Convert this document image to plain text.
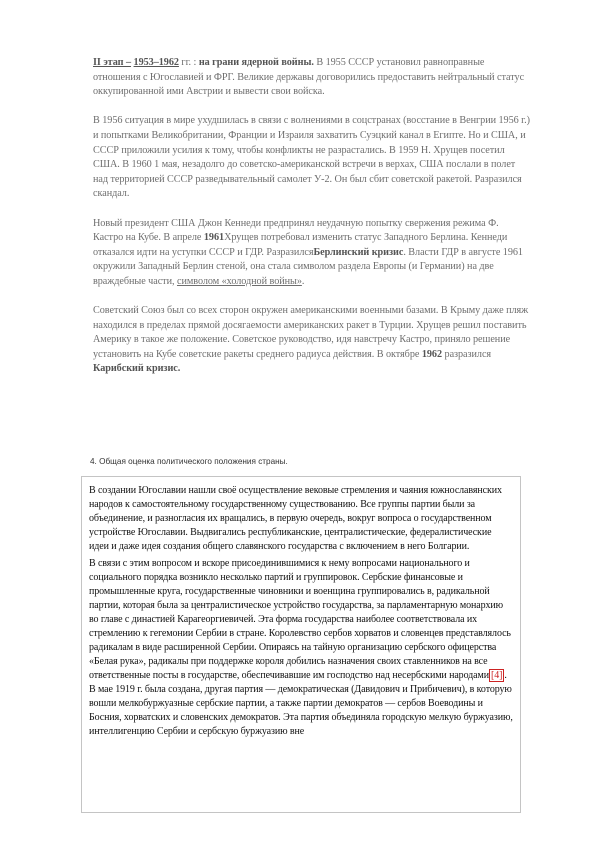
II этап – 1953–1962 гг. : на грани ядерной войны. В 1955 СССР установил равноправные отношения с Югославией и ФРГ. Великие державы договорились предоставить нейтральный статус оккупированной ими Австрии и вывести свои войска.

В 1956 ситуация в мире ухудшилась в связи с волнениями в соцстранах (восстание в Венгрии 1956 г.) и попытками Великобритании, Франции и Израиля захватить Суэцкий канал в Египте. Но и США, и СССР приложили усилия к тому, чтобы конфликты не разрастались. В 1959 Н. Хрущев посетил США. В 1960 1 мая, незадолго до советско-американской встречи в верхах, США послали в полет над территорией СССР разведывательный самолет У-2. Он был сбит советской ракетой. Разразился скандал.

Новый президент США Джон Кеннеди предпринял неудачную попытку свержения режима Ф. Кастро на Кубе. В апреле 1961Хрущев потребовал изменить статус Западного Берлина. Кеннеди отказался идти на уступки СССР и ГДР. РазразилсяБерлинский кризис. Власти ГДР в августе 1961 окружили Западный Берлин стеной, она стала символом раздела Европы (и Германии) на две враждебные части, символом «холодной войны».

Советский Союз был со всех сторон окружен американскими военными базами. В Крыму даже пляж находился в пределах прямой досягаемости американских ракет в Турции. Хрущев решил поставить Америку в такое же положение. Советское руководство, идя навстречу Кастро, приняло решение установить на Кубе советские ракеты среднего радиуса действия. В октябре 1962 разразился Карибский кризис.

4. Общая оценка политического положения страны.

В создании Югославии нашли своё осуществление вековые стремления и чаяния южнославянских народов к самостоятельному государственному существованию. Все группы партии были за объединение, и разногласия их вращались, в первую очередь, вокруг вопроса о государственном устройстве Югославии. Выдвигались республиканские, централистические, федералистические идеи и даже идея создания общего славянского государства с включением в него Болгарии.

В связи с этим вопросом и вскоре присоединившимися к нему вопросами национального и социального порядка возникло несколько партий и группировок. Сербские финансовые и промышленные круга, государственные чиновники и военщина группировались в, радикальной партии, которая была за централистическое устройство государства, за парламентарную монархию во главе с династией Карагеоргиевичей. Эта форма государства наиболее соответствовала их стремлению к гегемонии Сербии в стране. Королевство сербов хорватов и словенцев представлялось радикалам в виде расширенной Сербии. Опираясь на тайную организацию сербского офицерства «Белая рука», радикалы при поддержке короля добились назначения своих ставленников на все ответственные посты в государстве, обеспечивавшие им господство над несербскими народами [4] . В мае 1919 г. была создана, другая партия — демократическая (Давидович и Прибичевич), в которую вошли мелкобуржуазные сербские партии, а также партии демократов — сербов Воеводины и Босния, хорватских и словенских демократов. Эта партия объединяла городскую мелкую буржуазию, интеллигенцию Сербии и сербскую буржуазию вне
